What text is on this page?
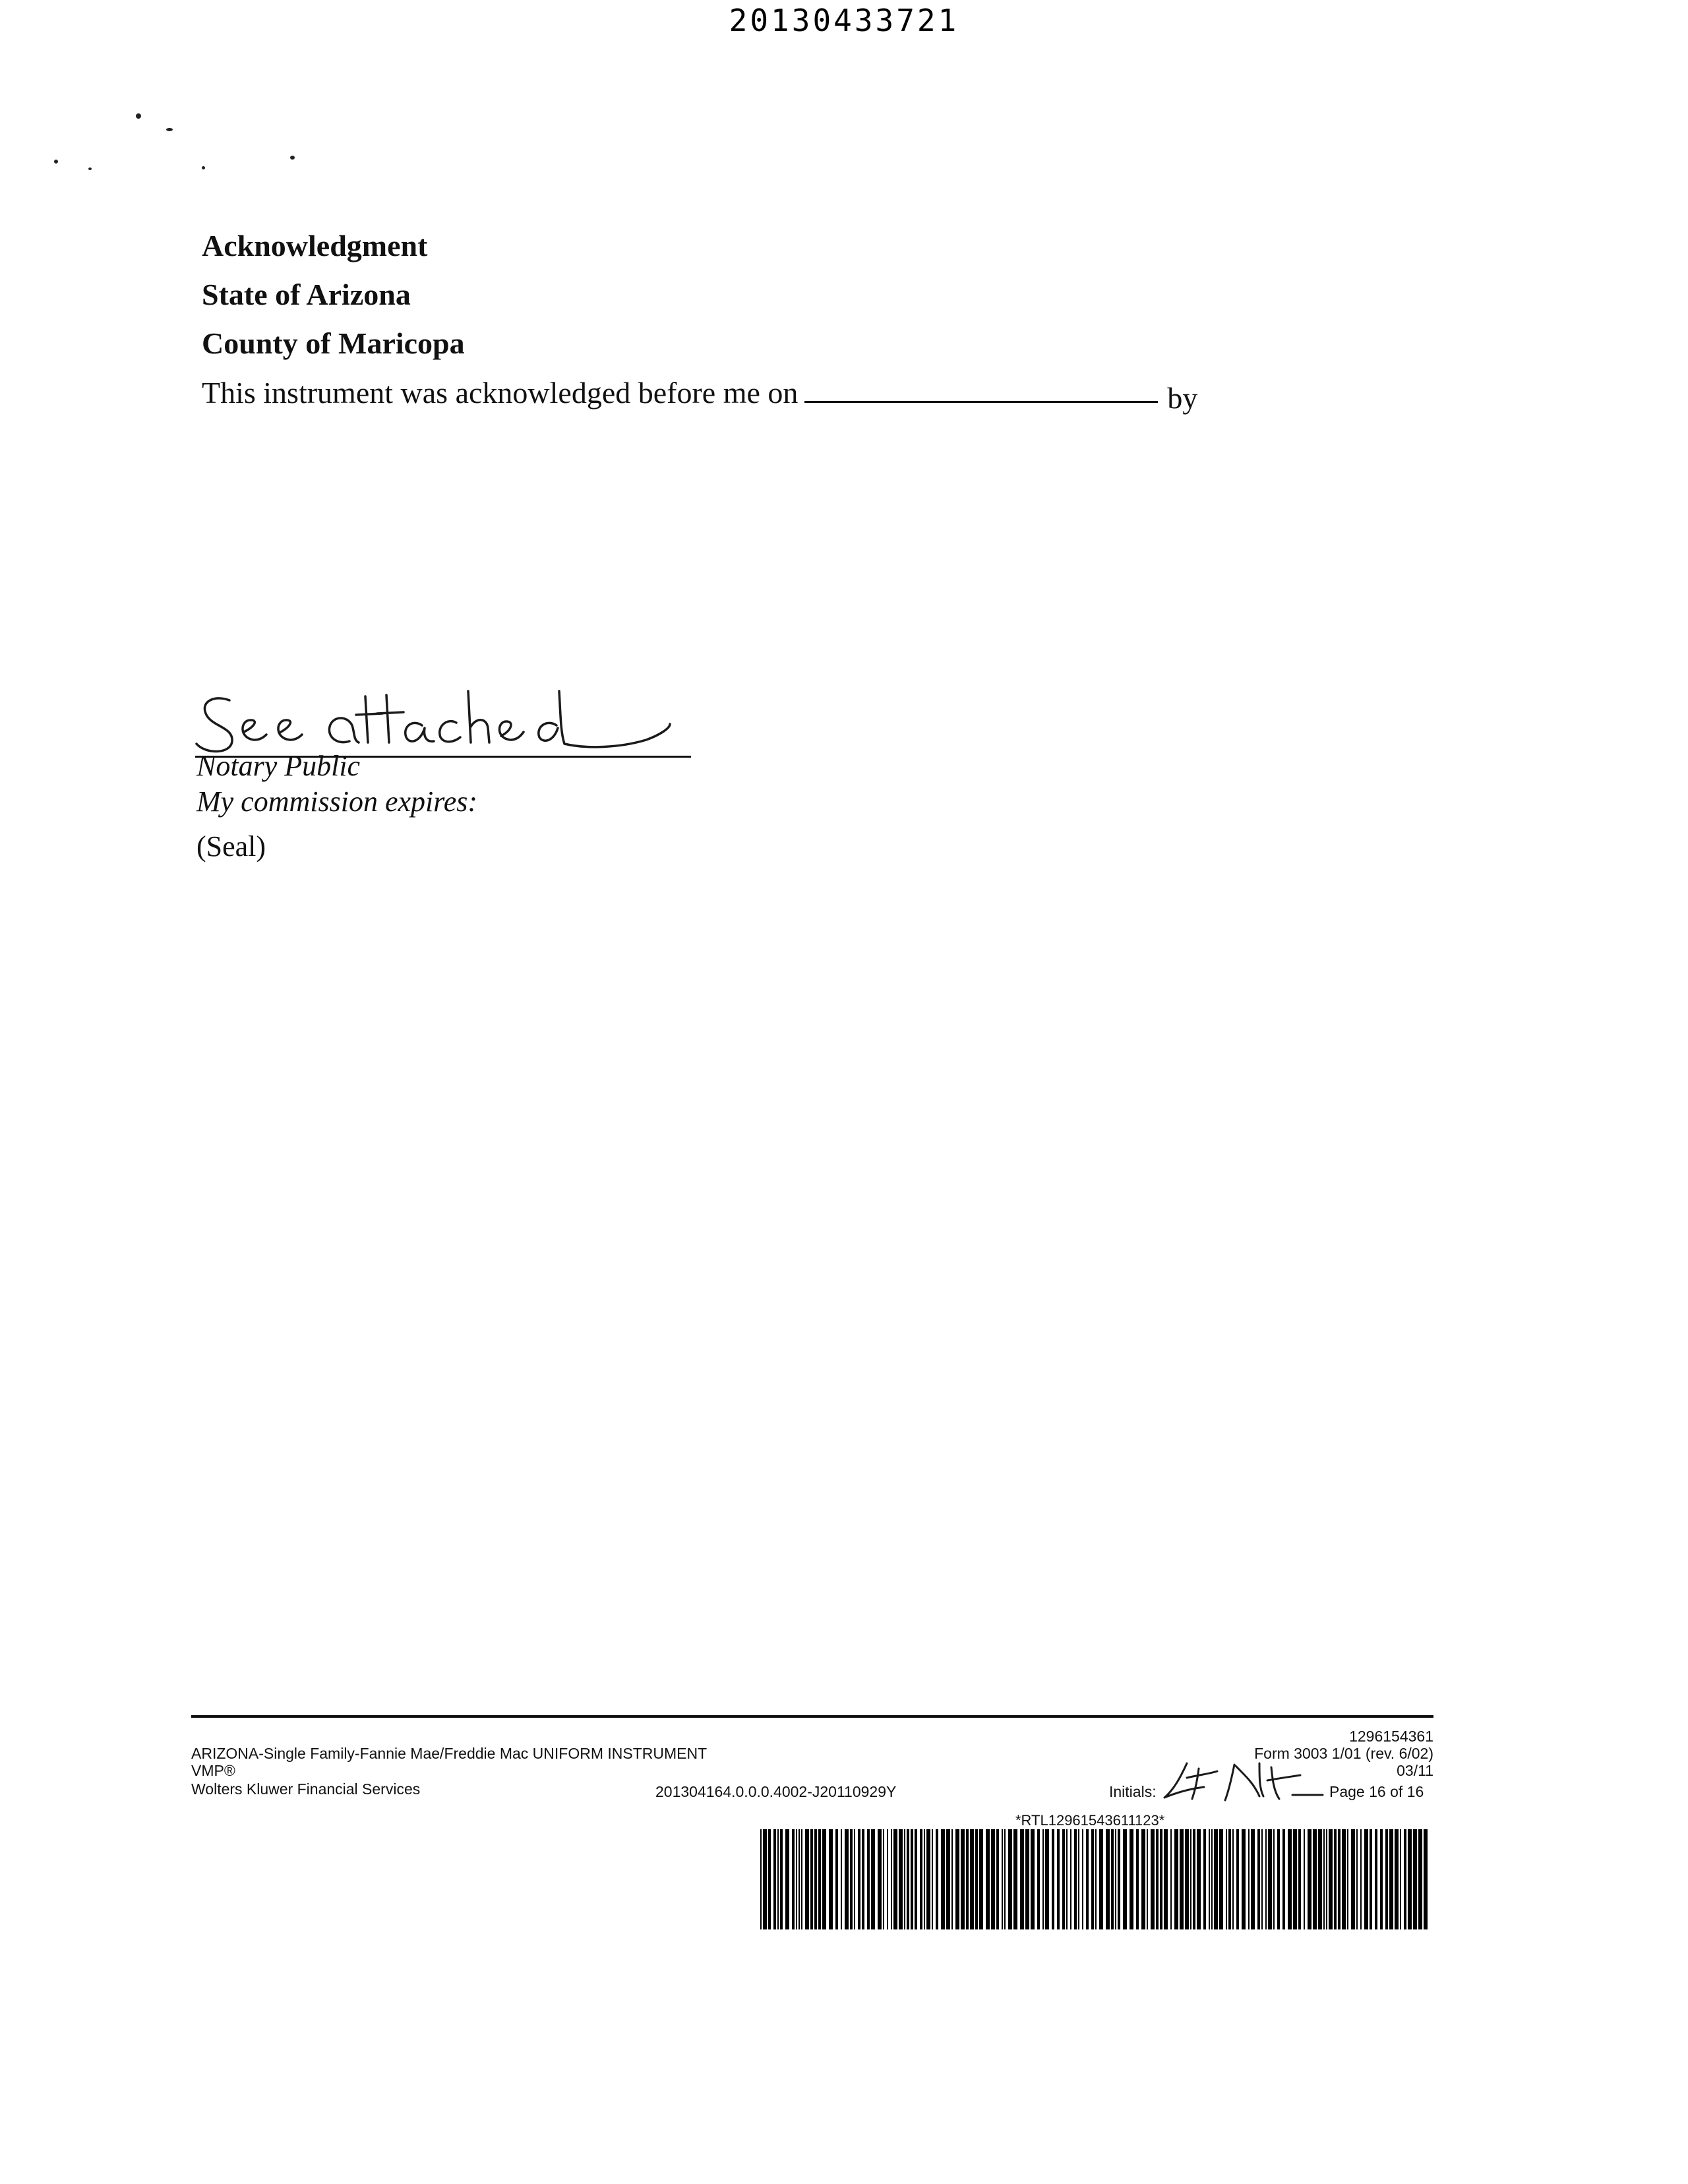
20130433721
Acknowledgment
State of Arizona
County of Maricopa
This instrument was acknowledged before me on	by
Notary Public
My commission expires:
(Seal)
1296154361
ARIZONA-Single Family-Fannie Mae/Freddie Mac UNIFORM INSTRUMENT	Form 3003 1/01 (rev. 6/02)
VMP®	03/11
Wolters Kluwer Financial Services	201304164.0.0.0.4002-J20110929Y	Initials:	Page 16 of 16
*RTL12961543611123*
